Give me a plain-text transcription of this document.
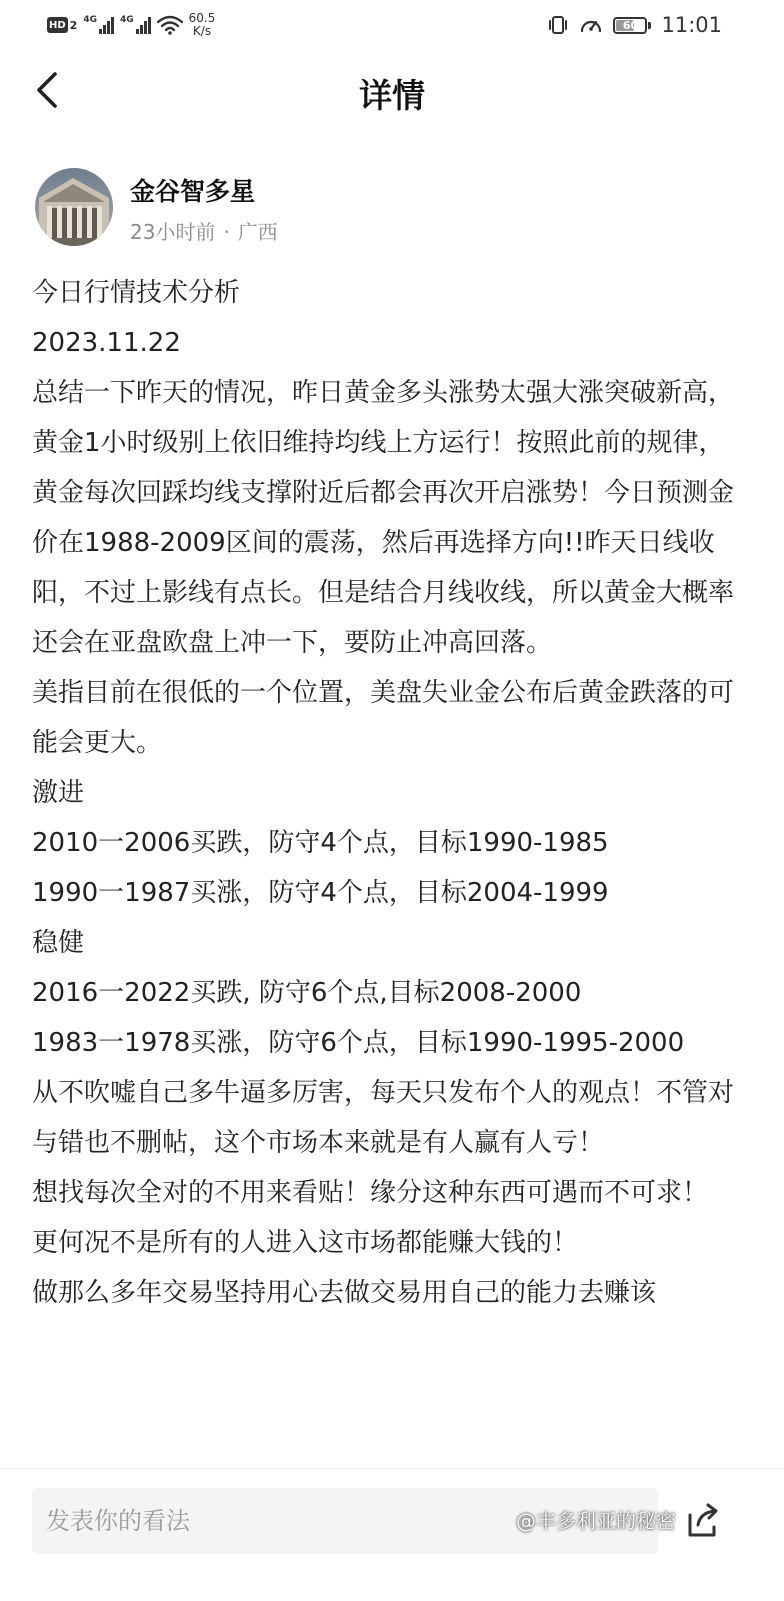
HD 2 4G	4G	60.5
K/s	60 11:01
详情
金谷智多星
23小时前 · 广西

今日行情技术分析

2023.11.22

总结一下昨天的情况，昨日黄金多头涨势太强大涨突破新高，黄金1小时级别上依旧维持均线上方运行！按照此前的规律，黄金每次回踩均线支撑附近后都会再次开启涨势！今日预测金价在1988-2009区间的震荡，然后再选择方向!!昨天日线收阳，不过上影线有点长。但是结合月线收线，所以黄金大概率还会在亚盘欧盘上冲一下，要防止冲高回落。

美指目前在很低的一个位置，美盘失业金公布后黄金跌落的可能会更大。

激进

2010一2006买跌，防守4个点，目标1990-1985

1990一1987买涨，防守4个点，目标2004-1999

稳健

2016一2022买跌, 防守6个点,目标2008-2000

1983一1978买涨，防守6个点，目标1990-1995-2000

从不吹嘘自己多牛逼多厉害，每天只发布个人的观点！不管对与错也不删帖，这个市场本来就是有人赢有人亏！

想找每次全对的不用来看贴！缘分这种东西可遇而不可求！

更何况不是所有的人进入这市场都能赚大钱的！

做那么多年交易坚持用心去做交易用自己的能力去赚该

发表你的看法
@丰多利亚的秘密
